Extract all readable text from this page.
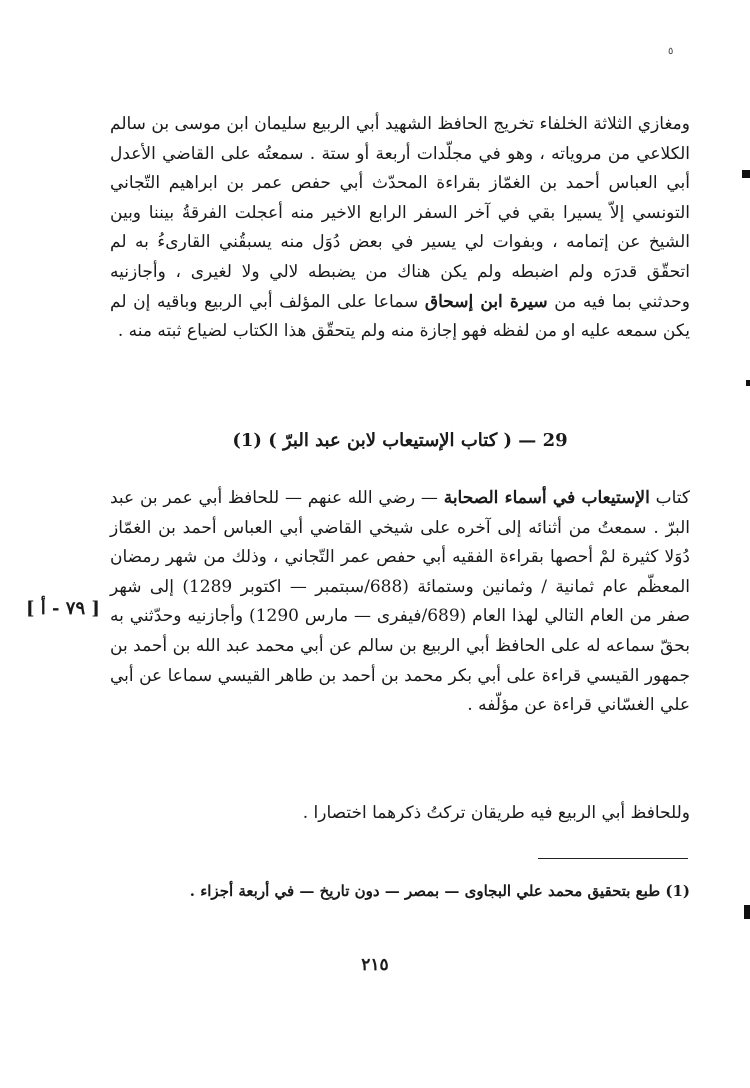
٥
ومغازي الثلاثة الخلفاء تخريج الحافظ الشهيد أبي الربيع سليمان ابن موسى بن سالم الكلاعي من مروياته ، وهو في مجلّدات أربعة أو ستة . سمعتُه على القاضي الأعدل أبي العباس أحمد بن الغمّاز بقراءة المحدّث أبي حفص عمر بن ابراهيم التّجاني التونسي إلاّ يسيرا بقي في آخر السفر الرابع الاخير منه أعجلت الفرقةُ بيننا وبين الشيخ عن إتمامه ، وبفوات لي يسير في بعض دُوَل منه يسبقُني القارىءُ به لم اتحقّق قدرَه ولم اضبطه ولم يكن هناك من يضبطه لالي ولا لغيرى ، وأجازنيه وحدثني بما فيه من سيرة ابن إسحاق سماعا على المؤلف أبي الربيع وباقيه إن لم يكن سمعه عليه او من لفظه فهو إجازة منه ولم يتحقّق هذا الكتاب لضياع ثبته منه .
29 — ( كتاب الإستيعاب لابن عبد البرّ ) (1)
كتاب الإستيعاب في أسماء الصحابة — رضي الله عنهم — للحافظ أبي عمر بن عبد البرّ . سمعتُ من أثنائه إلى آخره على شيخي القاضي أبي العباس أحمد بن الغمّاز دُوَلا كثيرة لمْ أحصها بقراءة الفقيه أبي حفص عمر التّجاني ، وذلك من شهر رمضان المعظّم عام ثمانية / وثمانين وستمائة (688/سبتمبر — اكتوبر 1289) إلى شهر صفر من العام التالي لهذا العام (689/فيفرى — مارس 1290) وأجازنيه وحدّثني به بحقّ سماعه له على الحافظ أبي الربيع بن سالم عن أبي محمد عبد الله بن أحمد بن جمهور القيسي قراءة على أبي بكر محمد بن أحمد بن طاهر القيسي سماعا عن أبي علي الغسّاني قراءة عن مؤلّفه .
[ ٧٩ - أ ]
وللحافظ أبي الربيع فيه طريقان تركتُ ذكرهما اختصارا .
(1) طبع بتحقيق محمد علي البجاوى — بمصر — دون تاريخ — في أربعة أجزاء .
٢١٥
